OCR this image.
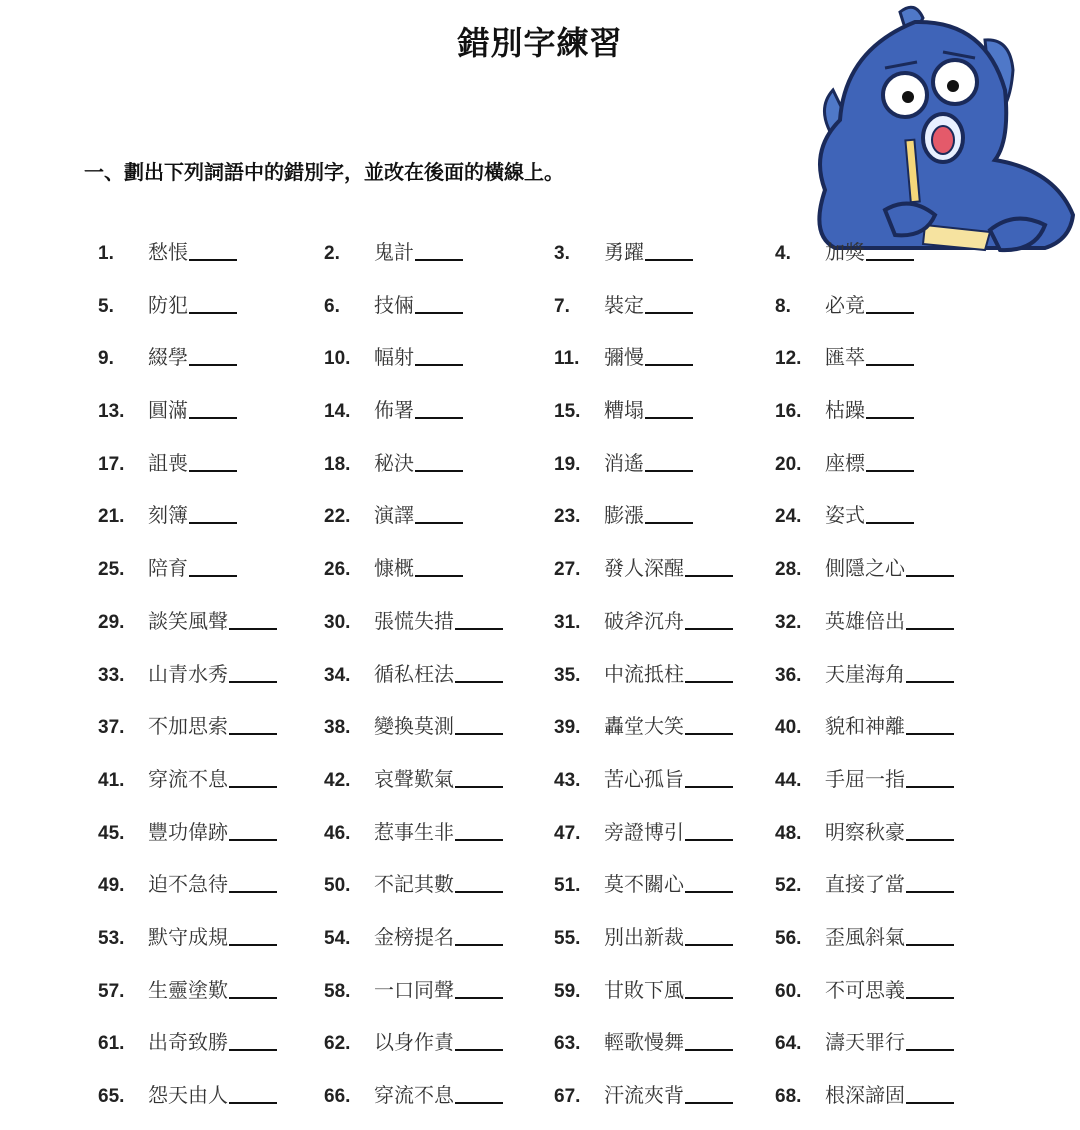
錯別字練習
一、劃出下列詞語中的錯別字，並改在後面的橫線上。
1.	愁悵	2.	鬼計	3.	勇躍	4.	加獎
5.	防犯	6.	技倆	7.	裝定	8.	必竟
9.	綴學	10.	幅射	11.	彌慢	12.	匯萃
13.	圓滿	14.	佈署	15.	糟塌	16.	枯躁
17.	詛喪	18.	秘決	19.	消遙	20.	座標
21.	刻簿	22.	演譯	23.	膨漲	24.	姿式
25.	陪育	26.	慷概	27.	發人深醒	28.	側隱之心
29.	談笑風聲	30.	張慌失措	31.	破斧沉舟	32.	英雄倍出
33.	山青水秀	34.	循私枉法	35.	中流抵柱	36.	天崖海角
37.	不加思索	38.	變換莫測	39.	轟堂大笑	40.	貌和神離
41.	穿流不息	42.	哀聲歎氣	43.	苦心孤旨	44.	手屈一指
45.	豐功偉跡	46.	惹事生非	47.	旁證博引	48.	明察秋豪
49.	迫不急待	50.	不記其數	51.	莫不關心	52.	直接了當
53.	默守成規	54.	金榜提名	55.	別出新裁	56.	歪風斜氣
57.	生靈塗歎	58.	一口同聲	59.	甘敗下風	60.	不可思義
61.	出奇致勝	62.	以身作責	63.	輕歌慢舞	64.	濤天罪行
65.	怨天由人	66.	穿流不息	67.	汗流夾背	68.	根深諦固
